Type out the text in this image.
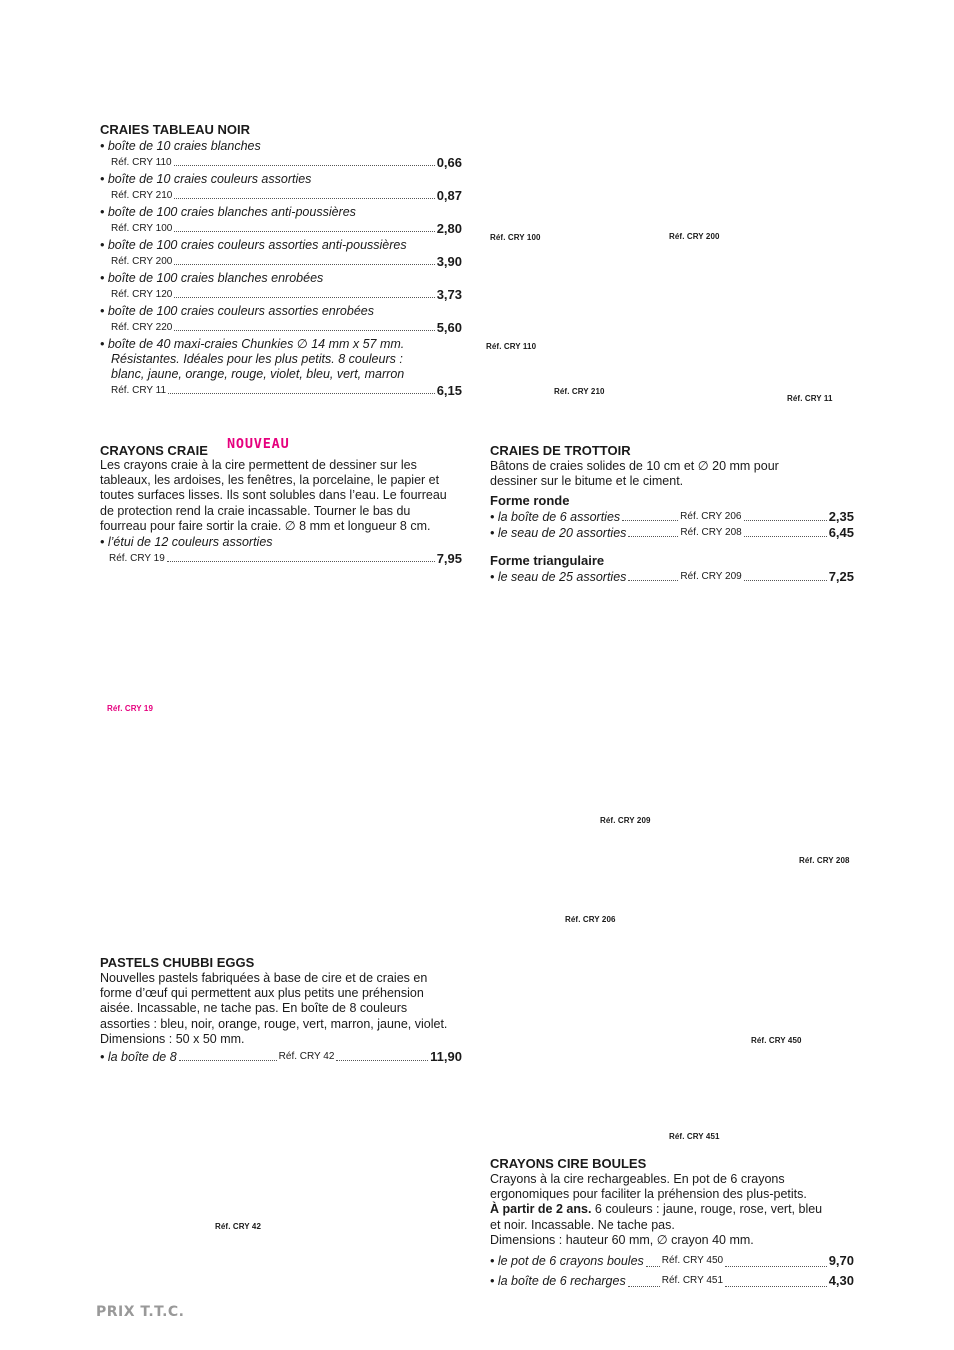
CRAIES TABLEAU NOIR

• boîte de 10 craies blanches
Réf. CRY 110	0,66
• boîte de 10 craies couleurs assorties
Réf. CRY 210	0,87
• boîte de 100 craies blanches anti-poussières
Réf. CRY 100	2,80
• boîte de 100 craies couleurs assorties anti-poussières
Réf. CRY 200	3,90
• boîte de 100 craies blanches enrobées
Réf. CRY 120	3,73
• boîte de 100 craies couleurs assorties enrobées
Réf. CRY 220	5,60
• boîte de 40 maxi-craies Chunkies ∅ 14 mm x 57 mm.
Résistantes. Idéales pour les plus petits. 8 couleurs :
blanc, jaune, orange, rouge, violet, bleu, vert, marron
Réf. CRY 11	6,15
Réf. CRY 100	Réf. CRY 200
Réf. CRY 110
Réf. CRY 210
Réf. CRY 11
CRAYONS CRAIE NOUVEAU

Les crayons craie à la cire permettent de dessiner sur les

tableaux, les ardoises, les fenêtres, la porcelaine, le papier et

toutes surfaces lisses. Ils sont solubles dans l’eau. Le fourreau

de protection rend la craie incassable. Tourner le bas du

fourreau pour faire sortir la craie. ∅ 8 mm et longueur 8 cm.

• l’étui de 12 couleurs assorties
Réf. CRY 19	7,95

CRAIES DE TROTTOIR

Bâtons de craies solides de 10 cm et ∅ 20 mm pour

dessiner sur le bitume et le ciment.

Forme ronde

• la boîte de 6 assorties	Réf. CRY 206	2,35
• le seau de 20 assorties	Réf. CRY 208	6,45

Forme triangulaire

• le seau de 25 assorties	Réf. CRY 209	7,25
Réf. CRY 19
Réf. CRY 209
Réf. CRY 208
Réf. CRY 206

PASTELS CHUBBI EGGS

Nouvelles pastels fabriquées à base de cire et de craies en

forme d’œuf qui permettent aux plus petits une préhension

aisée. Incassable, ne tache pas. En boîte de 8 couleurs

assorties : bleu, noir, orange, rouge, vert, marron, jaune, violet.

Dimensions : 50 x 50 mm.

• la boîte de 8	Réf. CRY 42	11,90
Réf. CRY 450
Réf. CRY 451
Réf. CRY 42

CRAYONS CIRE BOULES

Crayons à la cire rechargeables. En pot de 6 crayons

ergonomiques pour faciliter la préhension des plus-petits.

À partir de 2 ans. 6 couleurs : jaune, rouge, rose, vert, bleu

et noir. Incassable. Ne tache pas.

Dimensions : hauteur 60 mm, ∅ crayon 40 mm.

• le pot de 6 crayons boules Réf. CRY 450	9,70
• la boîte de 6 recharges	Réf. CRY 451	4,30
PRIX T.T.C.
